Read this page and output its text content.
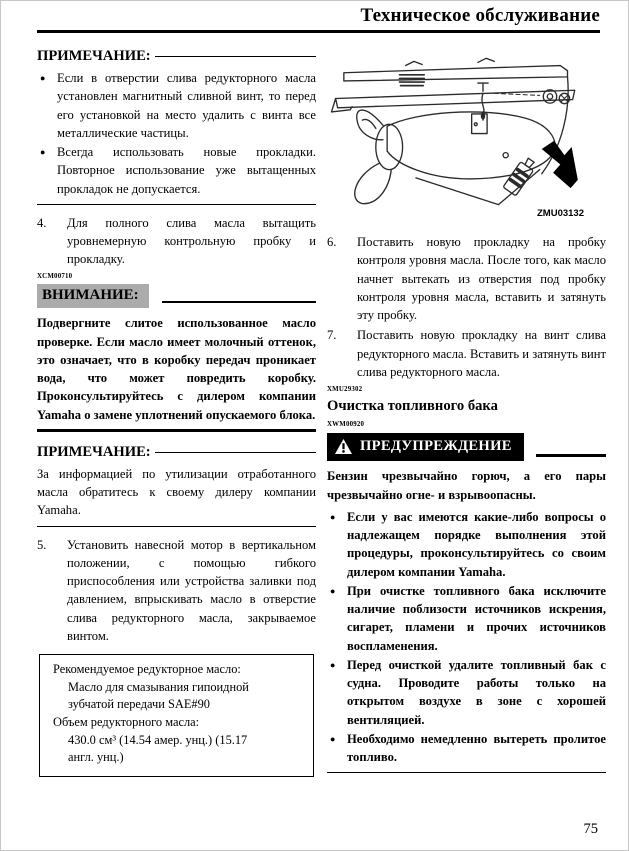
Техническое обслуживание
ПРИМЕЧАНИЕ:
● Если в отверстии слива редукторного масла установлен магнитный сливной винт, то перед его установкой на место удалить с винта все металлические частицы.
● Всегда использовать новые прокладки. Повторное использование уже вытащенных прокладок не допускается.
4.	Для полного слива масла вытащить уровнемерную контрольную пробку и прокладку.
XCM00710
ВНИМАНИЕ:

Подвергните слитое использованное масло проверке. Если масло имеет молочный оттенок, это означает, что в коробку передач проникает вода, что может повредить коробку. Проконсультируйтесь с дилером компании Yamaha о замене уплотнений опускаемого блока.

ПРИМЕЧАНИЕ:
За информацией по утилизации отработанного масла обратитесь к своему дилеру компании Yamaha.
5.	Установить навесной мотор в вертикальном положении, с помощью гибкого приспособления или устройства заливки под давлением, впрыскивать масло в отверстие слива редукторного масла, закрываемое винтом.
Рекомендуемое редукторное масло:
Масло для смазывания гипоидной
зубчатой передачи SAE#90
Объем редукторного масла:
430.0 см³ (14.54 амер. унц.) (15.17
англ. унц.)
ZMU03132
6.	Поставить новую прокладку на пробку контроля уровня масла. После того, как масло начнет вытекать из отверстия под пробку контроля уровня масла, вставить и затянуть эту пробку.
7.	Поставить новую прокладку на винт слива редукторного масла. Вставить и затянуть винт слива редукторного масла.
XMU29302
Очистка топливного бака
XWM00920
ПРЕДУПРЕЖДЕНИЕ

Бензин чрезвычайно горюч, а его пары чрезвычайно огне- и взрывоопасны.

● Если у вас имеются какие-либо вопросы о надлежащем порядке выполнения этой процедуры, проконсультируйтесь со своим дилером компании Yamaha.
● При очистке топливного бака исключите наличие поблизости источников искрения, сигарет, пламени и прочих источников воспламенения.
● Перед очисткой удалите топливный бак с судна. Проводите работы только на открытом воздухе в зоне с хорошей вентиляцией.
● Необходимо немедленно вытереть пролитое топливо.
75
